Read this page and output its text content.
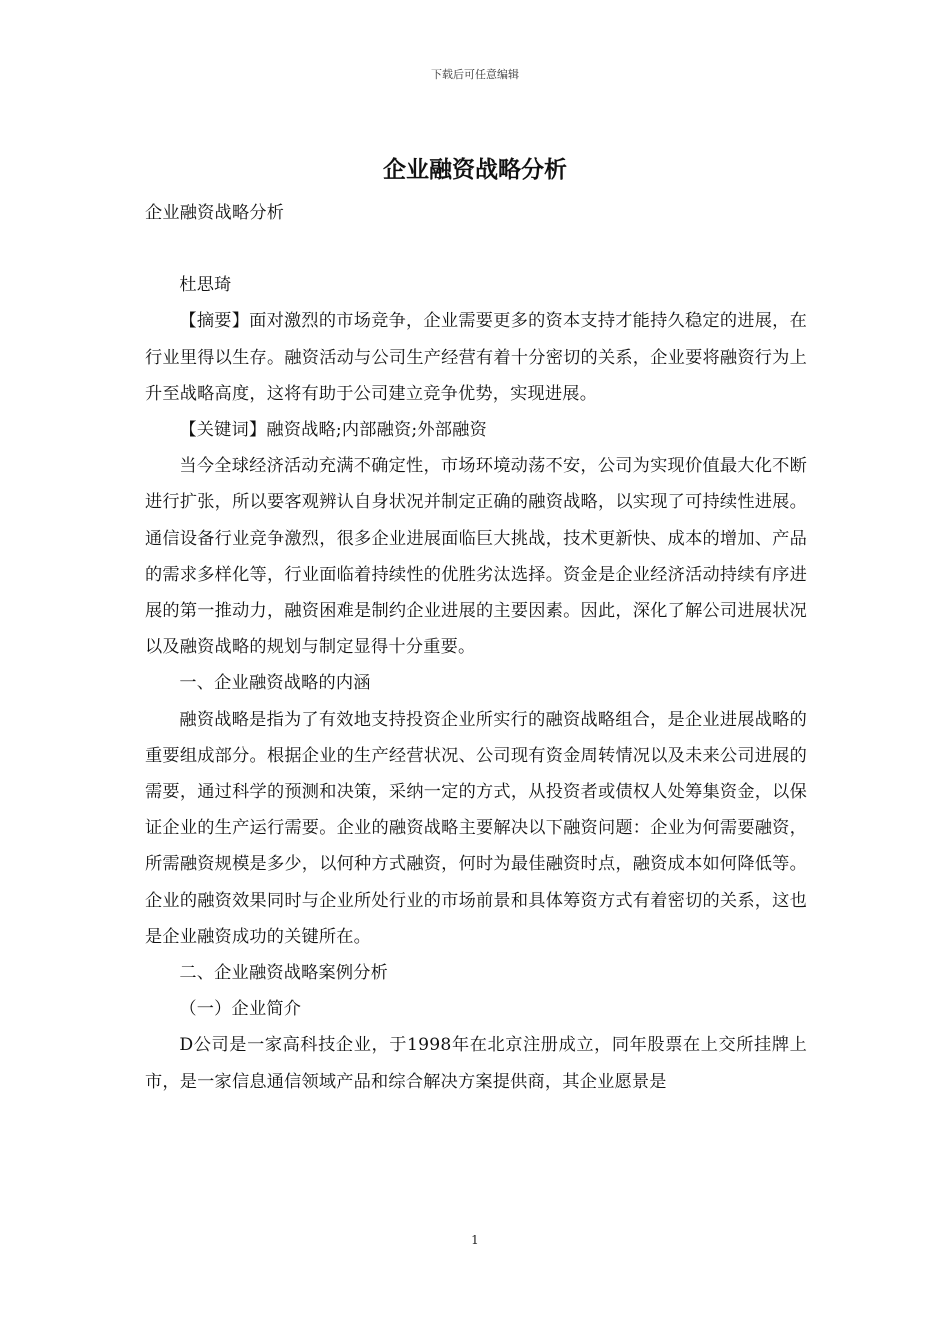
下载后可任意编辑
企业融资战略分析

企业融资战略分析

杜思琦

【摘要】面对激烈的市场竞争，企业需要更多的资本支持才能持久稳定的进展，在行业里得以生存。融资活动与公司生产经营有着十分密切的关系，企业要将融资行为上升至战略高度，这将有助于公司建立竞争优势，实现进展。

【关键词】融资战略;内部融资;外部融资

当今全球经济活动充满不确定性，市场环境动荡不安，公司为实现价值最大化不断进行扩张，所以要客观辨认自身状况并制定正确的融资战略，以实现了可持续性进展。通信设备行业竞争激烈，很多企业进展面临巨大挑战，技术更新快、成本的增加、产品的需求多样化等，行业面临着持续性的优胜劣汰选择。资金是企业经济活动持续有序进展的第一推动力，融资困难是制约企业进展的主要因素。因此，深化了解公司进展状况以及融资战略的规划与制定显得十分重要。

一、企业融资战略的内涵

融资战略是指为了有效地支持投资企业所实行的融资战略组合，是企业进展战略的重要组成部分。根据企业的生产经营状况、公司现有资金周转情况以及未来公司进展的需要，通过科学的预测和决策，采纳一定的方式，从投资者或债权人处筹集资金，以保证企业的生产运行需要。企业的融资战略主要解决以下融资问题：企业为何需要融资，所需融资规模是多少，以何种方式融资，何时为最佳融资时点，融资成本如何降低等。企业的融资效果同时与企业所处行业的市场前景和具体筹资方式有着密切的关系，这也是企业融资成功的关键所在。

二、企业融资战略案例分析

（一）企业简介

D公司是一家高科技企业，于1998年在北京注册成立，同年股票在上交所挂牌上市，是一家信息通信领域产品和综合解决方案提供商，其企业愿景是

1
